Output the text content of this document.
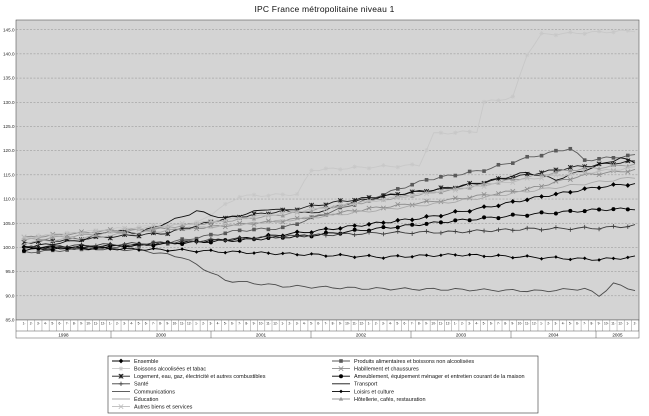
IPC France métropolitaine niveau 1
85.0
90.0
95.0
100.0
105.0
110.0
115.0
120.0
125.0
130.0
135.0
140.0
145.0
1- 2- 3- 4- 5- 6- 7- 8- 9- 10- 11- 12- 1- 2- 3- 4- 5- 6- 7- 8- 9- 10- 11- 12- 1- 2- 3- 4- 5- 6- 7- 8- 9- 10- 11- 12- 1- 2- 3- 4- 5- 6- 7- 8- 9- 10- 11- 12- 1- 2- 3- 4- 5- 6- 7- 8- 9- 10- 11- 12- 1- 2- 3- 4- 5- 6- 7- 8- 9- 10- 11- 12- 1- 2- 3- 4- 5- 6- 7- 8- 9- 10- 11- 12- 1- 2-
1998	2000	2001	2002	2003	2004	2005
Ensemble
Boissons alcoolisées et tabac
Logement, eau, gaz, électricité et autres combustibles
Santé
Communications
Éducation
Autres biens et services
Produits alimentaires et boissons non alcoolisées
Habillement et chaussures
Ameublement, équipement ménager et entretien courant de la maison
Transport
Loisirs et culture
Hôtellerie, cafés, restauration
